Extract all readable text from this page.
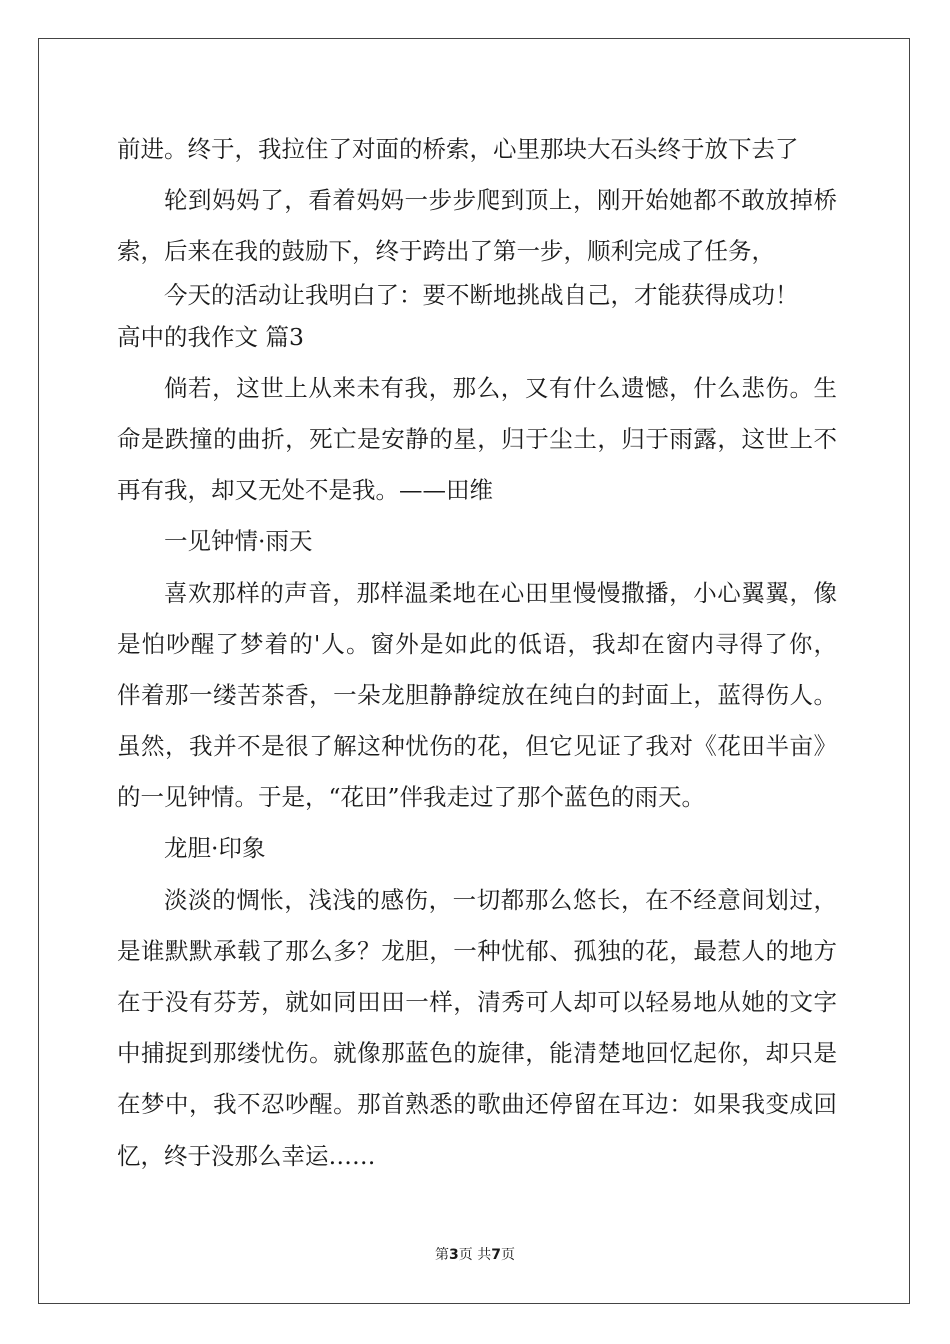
前进。终于，我拉住了对面的桥索，心里那块大石头终于放下去了
轮到妈妈了，看着妈妈一步步爬到顶上，刚开始她都不敢放掉桥
索，后来在我的鼓励下，终于跨出了第一步，顺利完成了任务，
今天的活动让我明白了：要不断地挑战自己，才能获得成功！
高中的我作文 篇3
倘若，这世上从来未有我，那么，又有什么遗憾，什么悲伤。生
命是跌撞的曲折，死亡是安静的星，归于尘土，归于雨露，这世上不
再有我，却又无处不是我。——田维
一见钟情·雨天
喜欢那样的声音，那样温柔地在心田里慢慢撒播，小心翼翼，像
是怕吵醒了梦着的'人。窗外是如此的低语，我却在窗内寻得了你，
伴着那一缕苦茶香，一朵龙胆静静绽放在纯白的封面上，蓝得伤人。
虽然，我并不是很了解这种忧伤的花，但它见证了我对《花田半亩》
的一见钟情。于是，“花田”伴我走过了那个蓝色的雨天。
龙胆·印象
淡淡的惆怅，浅浅的感伤，一切都那么悠长，在不经意间划过，
是谁默默承载了那么多？龙胆，一种忧郁、孤独的花，最惹人的地方
在于没有芬芳，就如同田田一样，清秀可人却可以轻易地从她的文字
中捕捉到那缕忧伤。就像那蓝色的旋律，能清楚地回忆起你，却只是
在梦中，我不忍吵醒。那首熟悉的歌曲还停留在耳边：如果我变成回
忆，终于没那么幸运……
第3页 共7页
